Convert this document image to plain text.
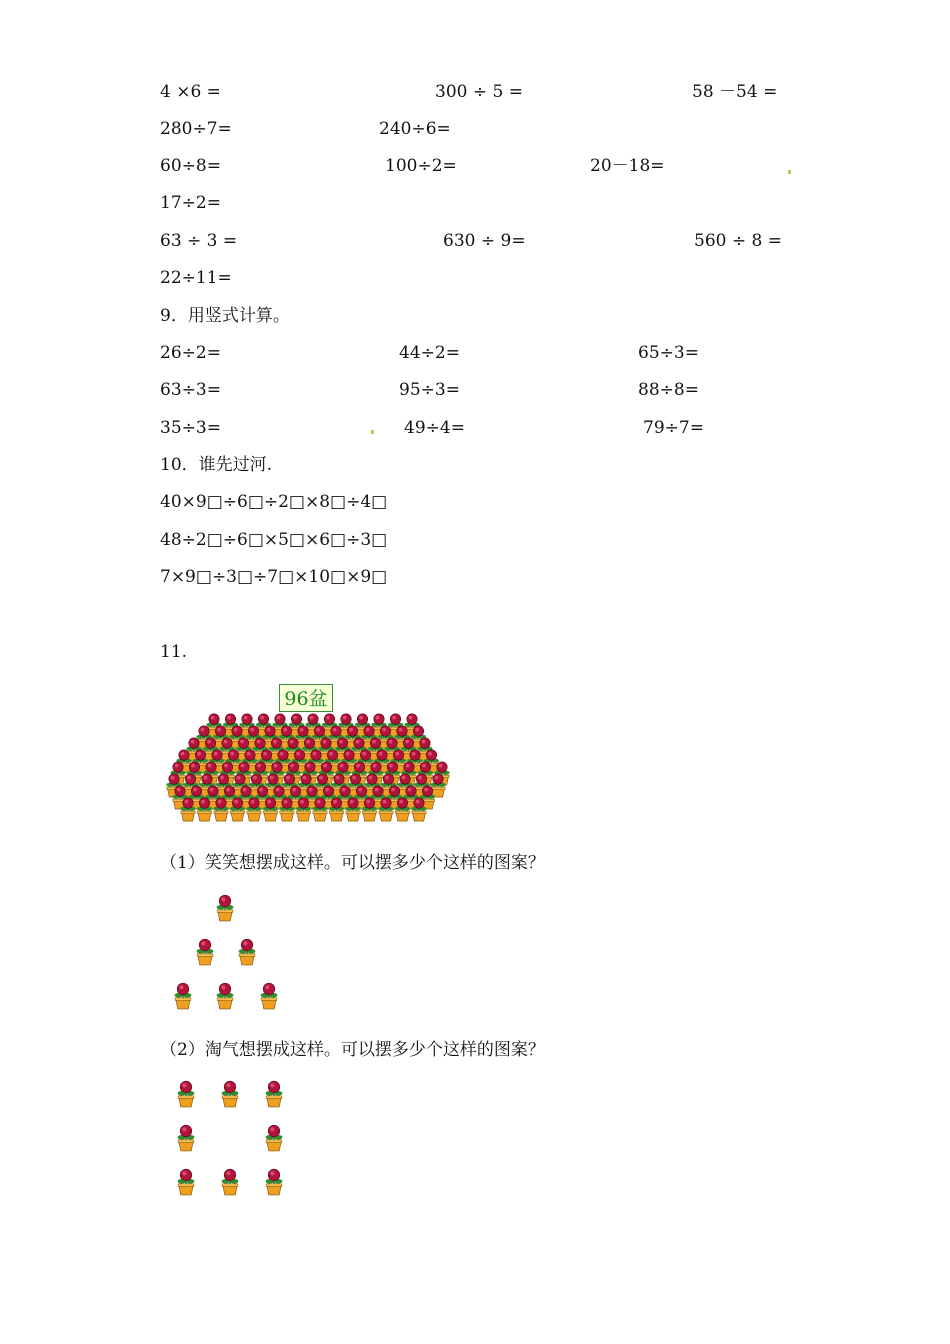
4 ×6 =	300 ÷ 5 =	58 －54 =
280÷7=	240÷6=
60÷8=	100÷2=	20－18=
17÷2=
63 ÷ 3 =	630 ÷ 9=	560 ÷ 8 =
22÷11=
9．用竖式计算。
26÷2=	44÷2=	65÷3=
63÷3=	95÷3=	88÷8=
35÷3=	49÷4=	79÷7=
10．谁先过河.
40×9□÷6□÷2□×8□÷4□
48÷2□÷6□×5□×6□÷3□
7×9□÷3□÷7□×10□×9□
11.
96盆
（1）笑笑想摆成这样。可以摆多少个这样的图案？
（2）淘气想摆成这样。可以摆多少个这样的图案？
